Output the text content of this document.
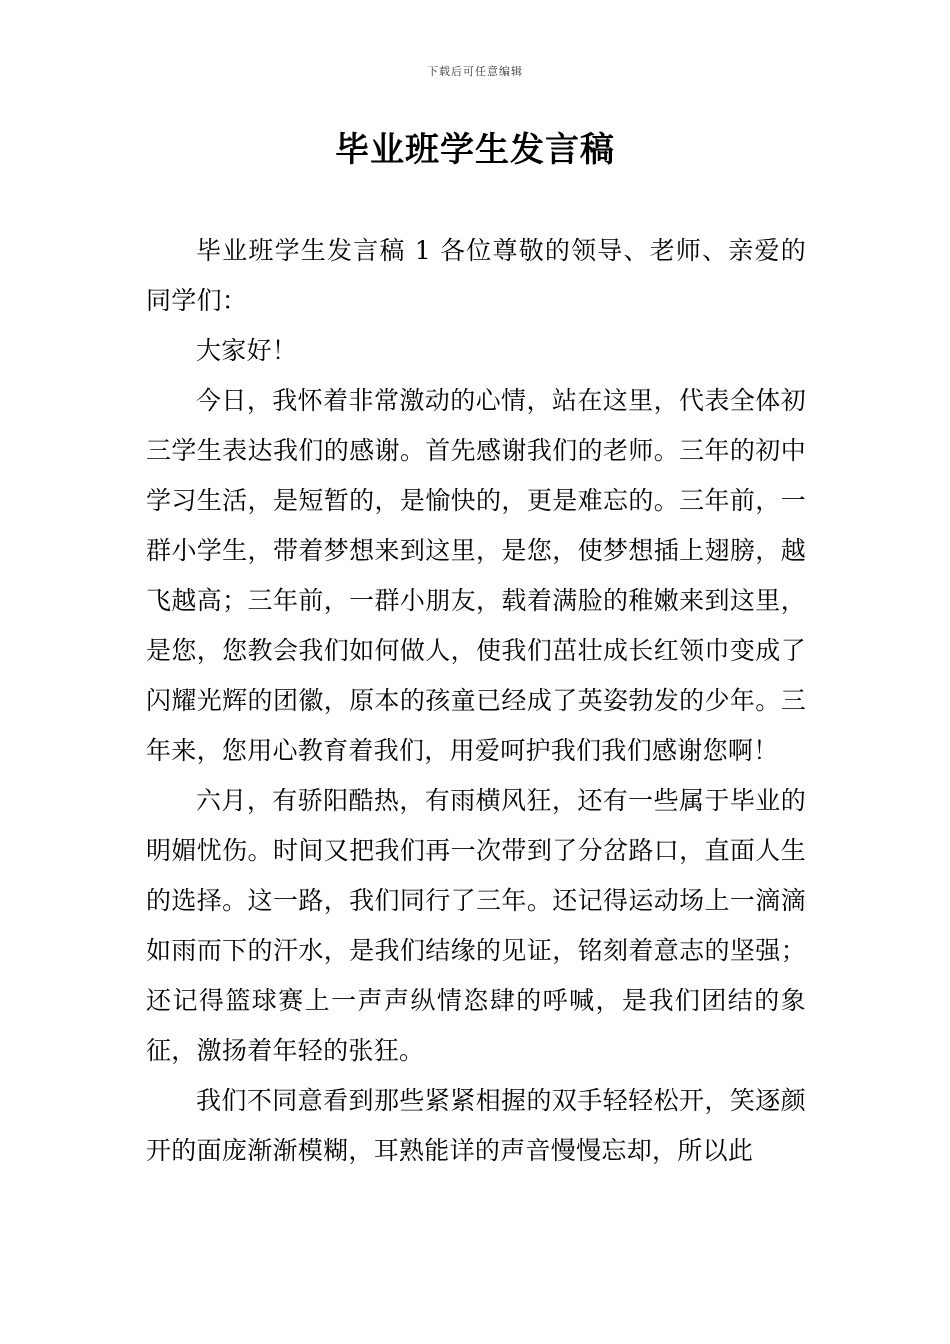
下载后可任意编辑
毕业班学生发言稿

毕业班学生发言稿 1 各位尊敬的领导、老师、亲爱的同学们：

大家好！

今日，我怀着非常激动的心情，站在这里，代表全体初三学生表达我们的感谢。首先感谢我们的老师。三年的初中学习生活，是短暂的，是愉快的，更是难忘的。三年前，一群小学生，带着梦想来到这里，是您，使梦想插上翅膀，越飞越高；三年前，一群小朋友，载着满脸的稚嫩来到这里，是您，您教会我们如何做人，使我们茁壮成长红领巾变成了闪耀光辉的团徽，原本的孩童已经成了英姿勃发的少年。三年来，您用心教育着我们，用爱呵护我们我们感谢您啊！

六月，有骄阳酷热，有雨横风狂，还有一些属于毕业的明媚忧伤。时间又把我们再一次带到了分岔路口，直面人生的选择。这一路，我们同行了三年。还记得运动场上一滴滴如雨而下的汗水，是我们结缘的见证，铭刻着意志的坚强；还记得篮球赛上一声声纵情恣肆的呼喊，是我们团结的象征，激扬着年轻的张狂。

我们不同意看到那些紧紧相握的双手轻轻松开，笑逐颜开的面庞渐渐模糊，耳熟能详的声音慢慢忘却，所以此
